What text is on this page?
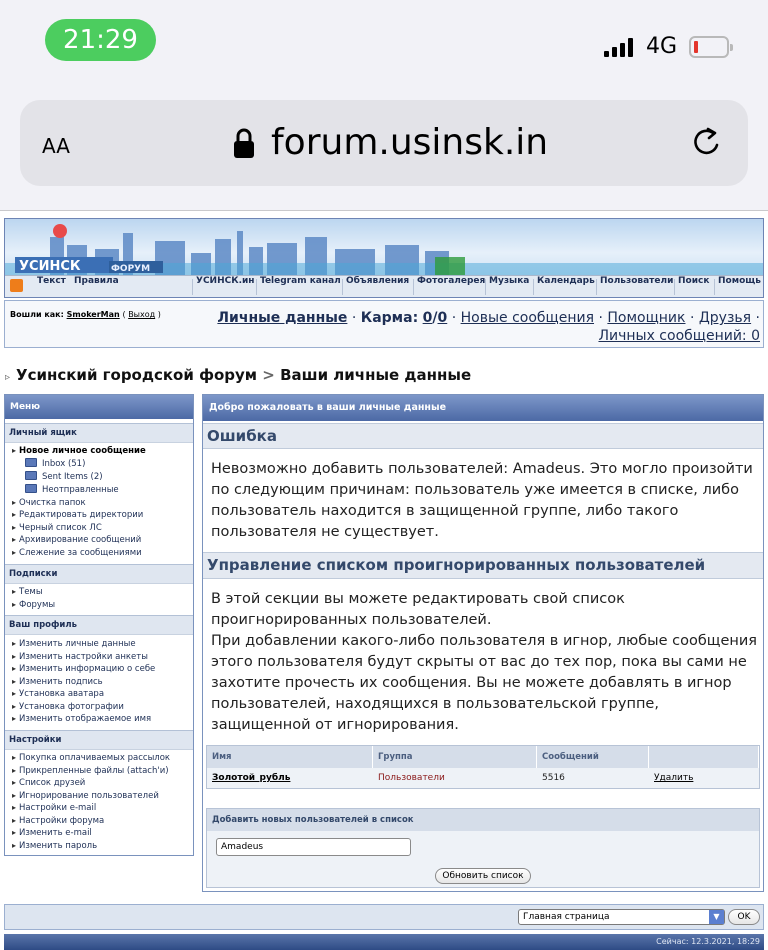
21:29	4G
AA	forum.usinsk.in
УСИНСК	ФОРУМ
Текст Правила	УСИНСК.ин Telegram канал Объявления Фотогалерея Музыка Календарь Пользователи Поиск Помощь
Вошли как: SmokerMan ( Выход )	Личные данные · Карма: 0/0 · Новые сообщения · Помощник · Друзья · Личных сообщений: 0
▹ Усинский городской форум > Ваши личные данные
Меню
Личный ящик
▸ Новое личное сообщение
Inbox (51)
Sent Items (2)
Неотправленные
▸ Очистка папок
▸ Редактировать директории
▸ Черный список ЛС
▸ Архивирование сообщений
▸ Слежение за сообщениями
Подписки
▸ Темы
▸ Форумы
Ваш профиль
▸ Изменить личные данные
▸ Изменить настройки анкеты
▸ Изменить информацию о себе
▸ Изменить подпись
▸ Установка аватара
▸ Установка фотографии
▸ Изменить отображаемое имя
Настройки
▸ Покупка оплачиваемых рассылок
▸ Прикрепленные файлы (attach'и)
▸ Список друзей
▸ Игнорирование пользователей
▸ Настройки e-mail
▸ Настройки форума
▸ Изменить e-mail
▸ Изменить пароль
Добро пожаловать в ваши личные данные
Ошибка
Невозможно добавить пользователей: Amadeus. Это могло произойти по следующим причинам: пользователь уже имеется в списке, либо пользователь находится в защищенной группе, либо такого пользователя не существует.
Управление списком проигнорированных пользователей
В этой секции вы можете редактировать свой список проигнорированных пользователей.
При добавлении какого-либо пользователя в игнор, любые сообщения этого пользователя будут скрыты от вас до тех пор, пока вы сами не захотите прочесть их сообщения. Вы не можете добавлять в игнор пользователей, находящихся в пользовательской группе, защищенной от игнорирования.
Имя	Группа	Сообщений
Золотой_рубль	Пользователи	5516	Удалить
Добавить новых пользователей в список
Amadeus
Обновить список
Главная страница	▼	OK
Сейчас: 12.3.2021, 18:29
